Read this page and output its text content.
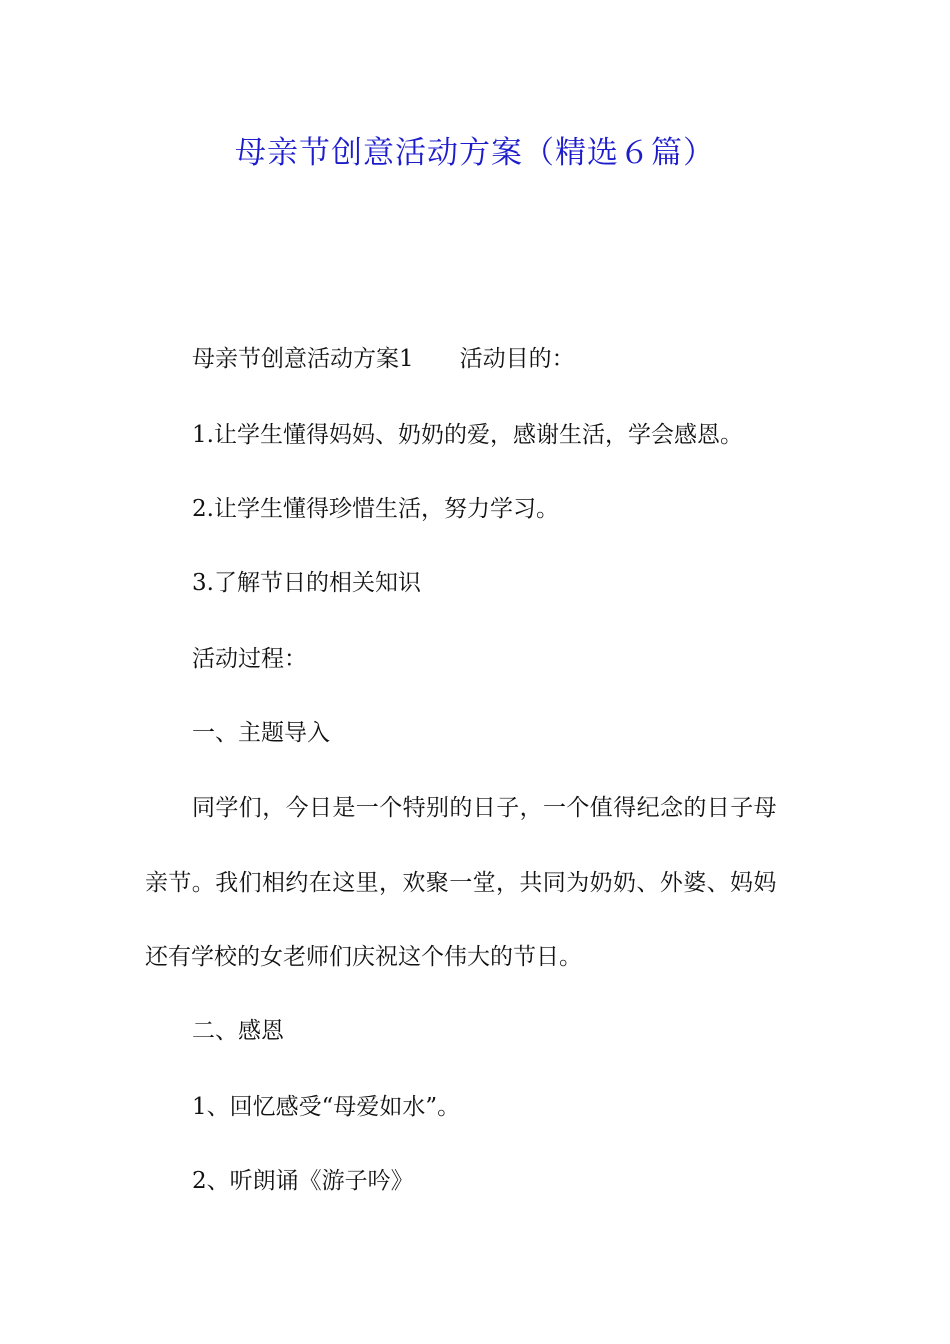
母亲节创意活动方案（精选６篇）

母亲节创意活动方案1 活动目的：

1.让学生懂得妈妈、奶奶的爱，感谢生活，学会感恩。

2.让学生懂得珍惜生活，努力学习。

3.了解节日的相关知识

活动过程：

一、主题导入

同学们，今日是一个特别的日子，一个值得纪念的日子母

亲节。我们相约在这里，欢聚一堂，共同为奶奶、外婆、妈妈

还有学校的女老师们庆祝这个伟大的节日。

二、感恩

1、回忆感受“母爱如水”。

2、听朗诵《游子吟》
